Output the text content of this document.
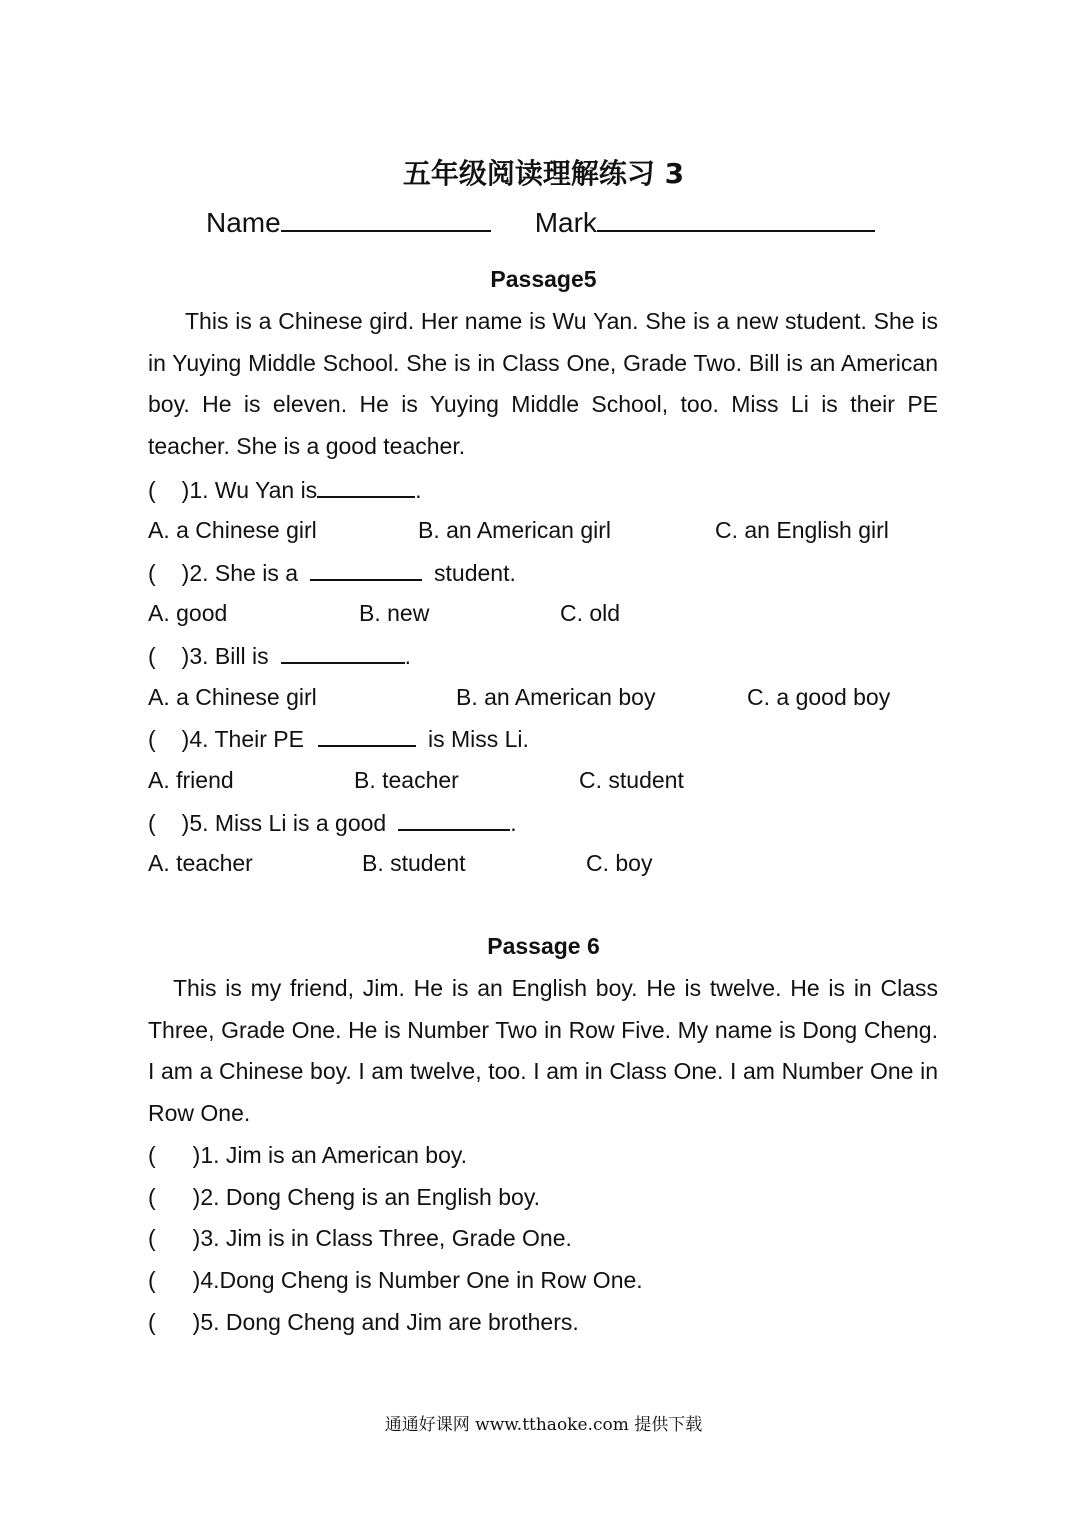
五年级阅读理解练习 3
Name	Mark
Passage5
This is a Chinese gird. Her name is Wu Yan. She is a new student. She is in Yuying Middle School. She is in Class One, Grade Two. Bill is an American boy. He is eleven. He is Yuying Middle School, too. Miss Li is their PE teacher. She is a good teacher.
( )1. Wu Yan is	.
A. a Chinese girl	B. an American girl	C. an English girl
( )2. She is a	student.
A. good	B. new	C. old
( )3. Bill is	.
A. a Chinese girl	B. an American boy	C. a good boy
( )4. Their PE	is Miss Li.
A. friend	B. teacher	C. student
( )5. Miss Li is a good	.
A. teacher	B. student	C. boy
Passage 6
This is my friend, Jim. He is an English boy. He is twelve. He is in Class Three, Grade One. He is Number Two in Row Five. My name is Dong Cheng. I am a Chinese boy. I am twelve, too. I am in Class One. I am Number One in Row One.
( )1. Jim is an American boy.
( )2. Dong Cheng is an English boy.
( )3. Jim is in Class Three, Grade One.
( )4.Dong Cheng is Number One in Row One.
( )5. Dong Cheng and Jim are brothers.
通通好课网 www.tthaoke.com 提供下载
